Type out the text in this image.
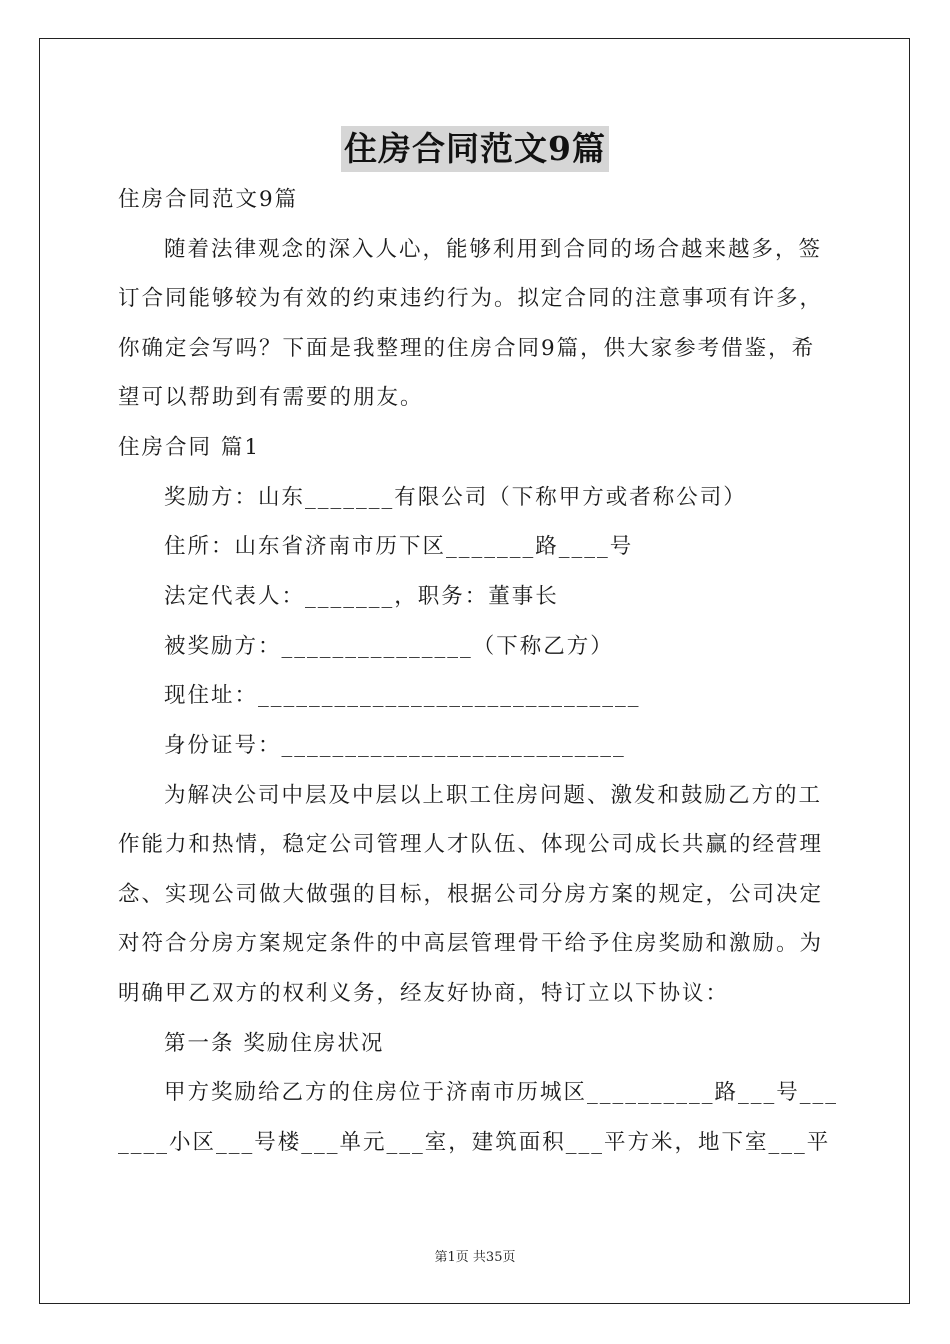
住房合同范文9篇
住房合同范文9篇
随着法律观念的深入人心，能够利用到合同的场合越来越多，签
订合同能够较为有效的约束违约行为。拟定合同的注意事项有许多，
你确定会写吗？下面是我整理的住房合同9篇，供大家参考借鉴，希
望可以帮助到有需要的朋友。
住房合同 篇1
奖励方：山东_______有限公司（下称甲方或者称公司）
住所：山东省济南市历下区_______路____号
法定代表人：_______，职务：董事长
被奖励方：_______________（下称乙方）
现住址：______________________________
身份证号：___________________________
为解决公司中层及中层以上职工住房问题、激发和鼓励乙方的工
作能力和热情，稳定公司管理人才队伍、体现公司成长共赢的经营理
念、实现公司做大做强的目标，根据公司分房方案的规定，公司决定
对符合分房方案规定条件的中高层管理骨干给予住房奖励和激励。为
明确甲乙双方的权利义务，经友好协商，特订立以下协议：
第一条 奖励住房状况
甲方奖励给乙方的住房位于济南市历城区__________路___号___
____小区___号楼___单元___室，建筑面积___平方米，地下室___平
第1页 共35页
